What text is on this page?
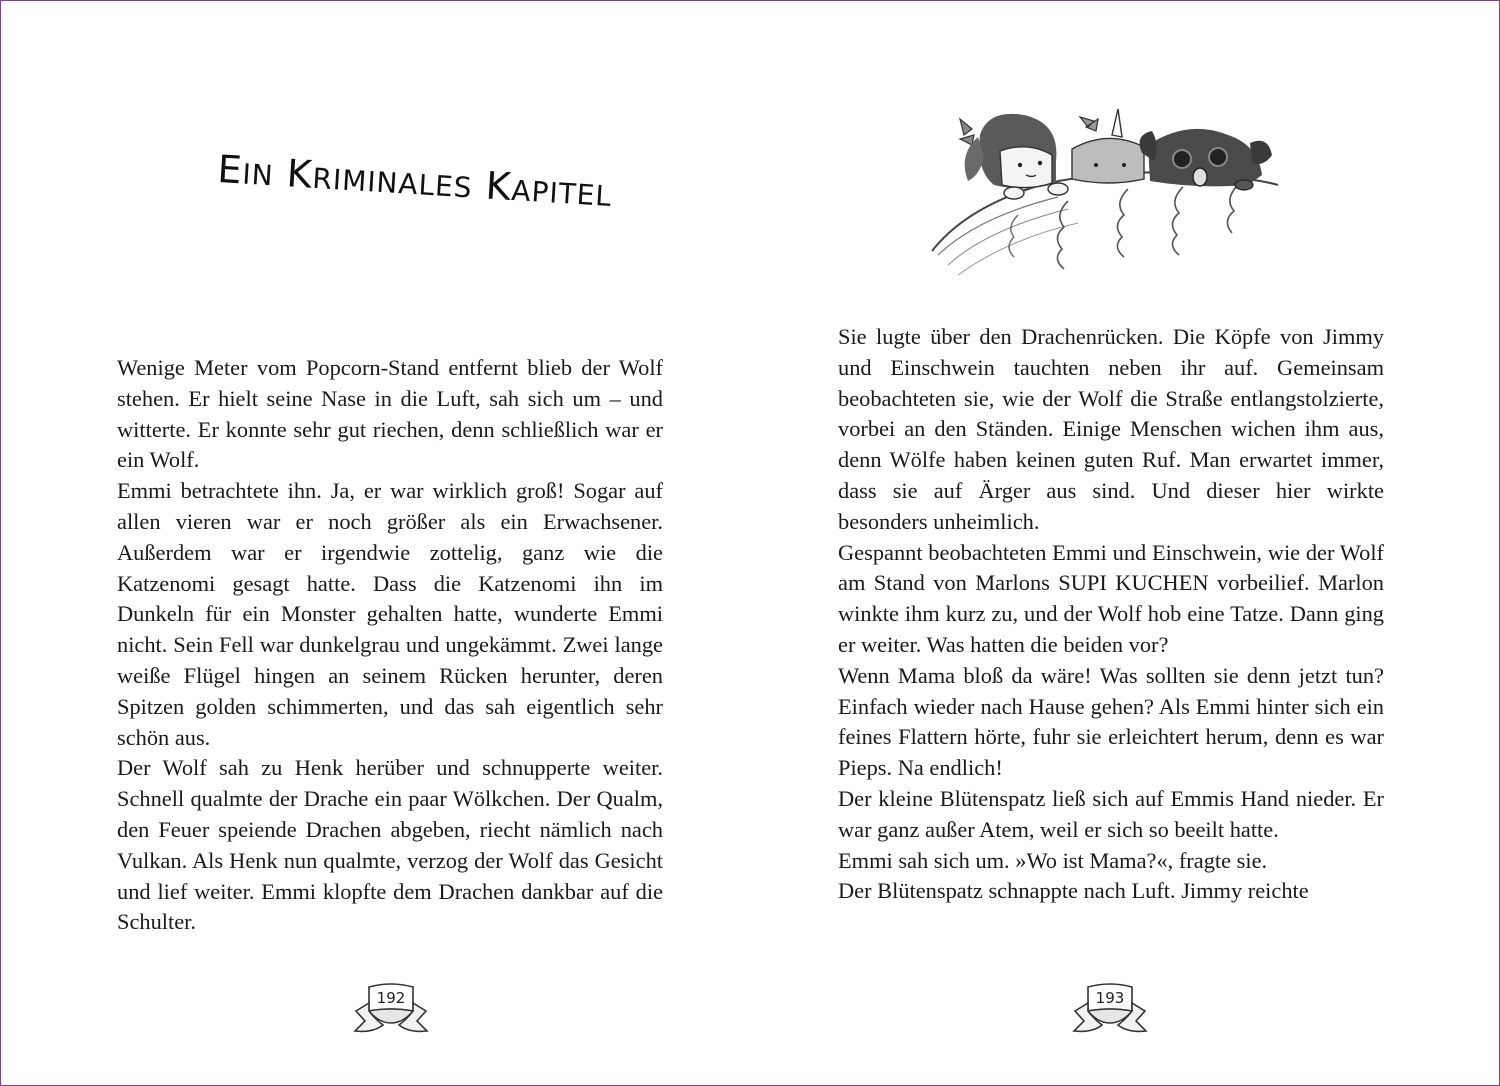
EIN KRIMINALES KAPITEL

Wenige Meter vom Popcorn-Stand entfernt blieb der Wolf stehen. Er hielt seine Nase in die Luft, sah sich um – und witterte. Er konnte sehr gut riechen, denn schließlich war er ein Wolf.

Emmi betrachtete ihn. Ja, er war wirklich groß! Sogar auf allen vieren war er noch größer als ein Erwachsener. Außerdem war er irgendwie zottelig, ganz wie die Katzenomi gesagt hatte. Dass die Katzenomi ihn im Dunkeln für ein Monster gehalten hatte, wunderte Emmi nicht. Sein Fell war dunkelgrau und ungekämmt. Zwei lange weiße Flügel hingen an seinem Rücken herunter, deren Spitzen golden schimmerten, und das sah eigentlich sehr schön aus.

Der Wolf sah zu Henk herüber und schnupperte weiter. Schnell qualmte der Drache ein paar Wölkchen. Der Qualm, den Feuer speiende Drachen abgeben, riecht nämlich nach Vulkan. Als Henk nun qualmte, verzog der Wolf das Gesicht und lief weiter. Emmi klopfte dem Drachen dankbar auf die Schulter.

192

Sie lugte über den Drachenrücken. Die Köpfe von Jimmy und Einschwein tauchten neben ihr auf. Gemeinsam beobachteten sie, wie der Wolf die Straße entlangstolzierte, vorbei an den Ständen. Einige Menschen wichen ihm aus, denn Wölfe haben keinen guten Ruf. Man erwartet immer, dass sie auf Ärger aus sind. Und dieser hier wirkte besonders unheimlich.

Gespannt beobachteten Emmi und Einschwein, wie der Wolf am Stand von Marlons SUPI KUCHEN vorbeilief. Marlon winkte ihm kurz zu, und der Wolf hob eine Tatze. Dann ging er weiter. Was hatten die beiden vor?

Wenn Mama bloß da wäre! Was sollten sie denn jetzt tun? Einfach wieder nach Hause gehen? Als Emmi hinter sich ein feines Flattern hörte, fuhr sie erleichtert herum, denn es war Pieps. Na endlich!

Der kleine Blütenspatz ließ sich auf Emmis Hand nieder. Er war ganz außer Atem, weil er sich so beeilt hatte.

Emmi sah sich um. »Wo ist Mama?«, fragte sie.

Der Blütenspatz schnappte nach Luft. Jimmy reichte

193
